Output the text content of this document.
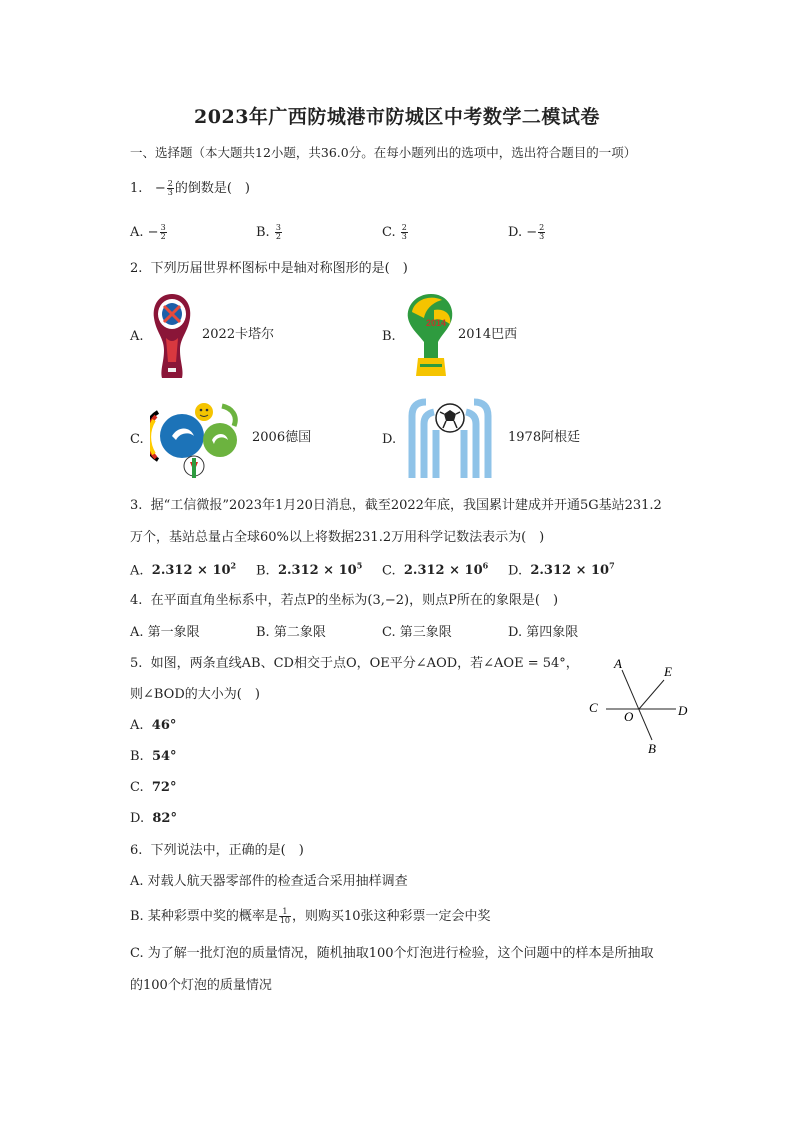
2023年广西防城港市防城区中考数学二模试卷
一、选择题（本大题共12小题，共36.0分。在每小题列出的选项中，选出符合题目的一项）
1. − $\frac{2}{3}$ 的倒数是(　)
A. − $\frac{3}{2}$	B. $\frac{3}{2}$	C. $\frac{2}{3}$	D. − $\frac{2}{3}$
2. 下列历届世界杯图标中是轴对称图形的是(　)
A.	2022卡塔尔	B.
2014
2014巴西
C.	2006德国	D.	1978阿根廷
3. 据“工信微报”2023年1月20日消息，截至2022年底，我国累计建成并开通5G基站231.2
万个，基站总量占全球60%以上将数据231.2万用科学记数法表示为(　)
A. $2.312 \times 10^2$ B. $2.312 \times 10^5$ C. $2.312 \times 10^6$ D. $2.312 \times 10^7$
4. 在平面直角坐标系中，若点P的坐标为(3,−2)，则点P所在的象限是(　)
A. 第一象限	B. 第二象限	C. 第三象限	D. 第四象限
5. 如图，两条直线AB、CD相交于点O，OE平分∠AOD，若∠AOE = 54°，
则∠BOD的大小为(　)
A. 46°
B. 54°
C. 72°
D. 82°
A
E
C	D
O
B
6. 下列说法中，正确的是(　)
A. 对载人航天器零部件的检查适合采用抽样调查
B. 某种彩票中奖的概率是 $\frac{1}{10}$ ，则购买10张这种彩票一定会中奖
C. 为了解一批灯泡的质量情况，随机抽取100个灯泡进行检验，这个问题中的样本是所抽取
的100个灯泡的质量情况
